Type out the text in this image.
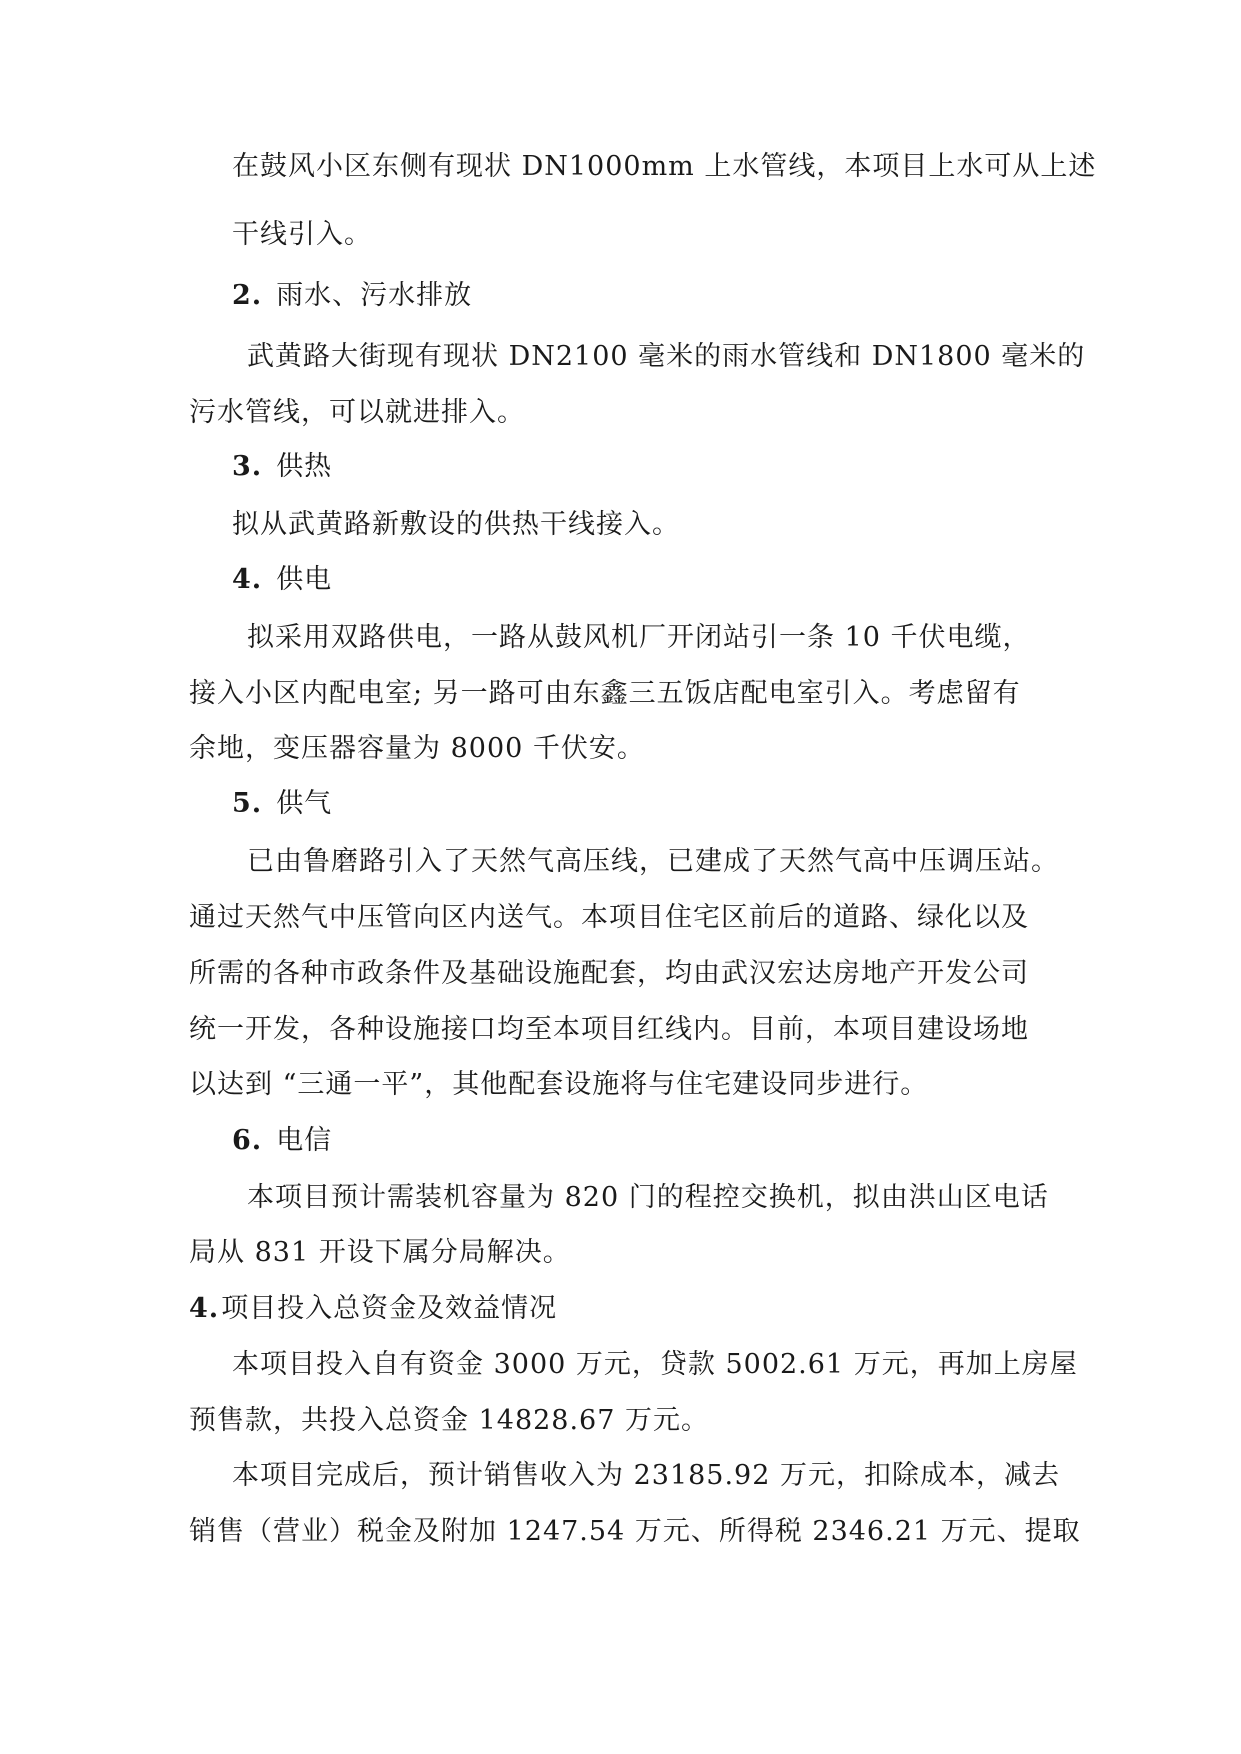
在鼓风小区东侧有现状 DN1000mm 上水管线，本项目上水可从上述
干线引入。
2. 雨水、污水排放
武黄路大街现有现状 DN2100 毫米的雨水管线和 DN1800 毫米的
污水管线，可以就进排入。
3. 供热
拟从武黄路新敷设的供热干线接入。
4. 供电
拟采用双路供电，一路从鼓风机厂开闭站引一条 10 千伏电缆，
接入小区内配电室; 另一路可由东鑫三五饭店配电室引入。考虑留有
余地，变压器容量为 8000 千伏安。
5. 供气
已由鲁磨路引入了天然气高压线，已建成了天然气高中压调压站。
通过天然气中压管向区内送气。本项目住宅区前后的道路、绿化以及
所需的各种市政条件及基础设施配套，均由武汉宏达房地产开发公司
统一开发，各种设施接口均至本项目红线内。目前，本项目建设场地
以达到 “三通一平”，其他配套设施将与住宅建设同步进行。
6. 电信
本项目预计需装机容量为 820 门的程控交换机，拟由洪山区电话
局从 831 开设下属分局解决。
4.项目投入总资金及效益情况
本项目投入自有资金 3000 万元，贷款 5002.61 万元，再加上房屋
预售款，共投入总资金 14828.67 万元。
本项目完成后，预计销售收入为 23185.92 万元，扣除成本，减去
销售（营业）税金及附加 1247.54 万元、所得税 2346.21 万元、提取
